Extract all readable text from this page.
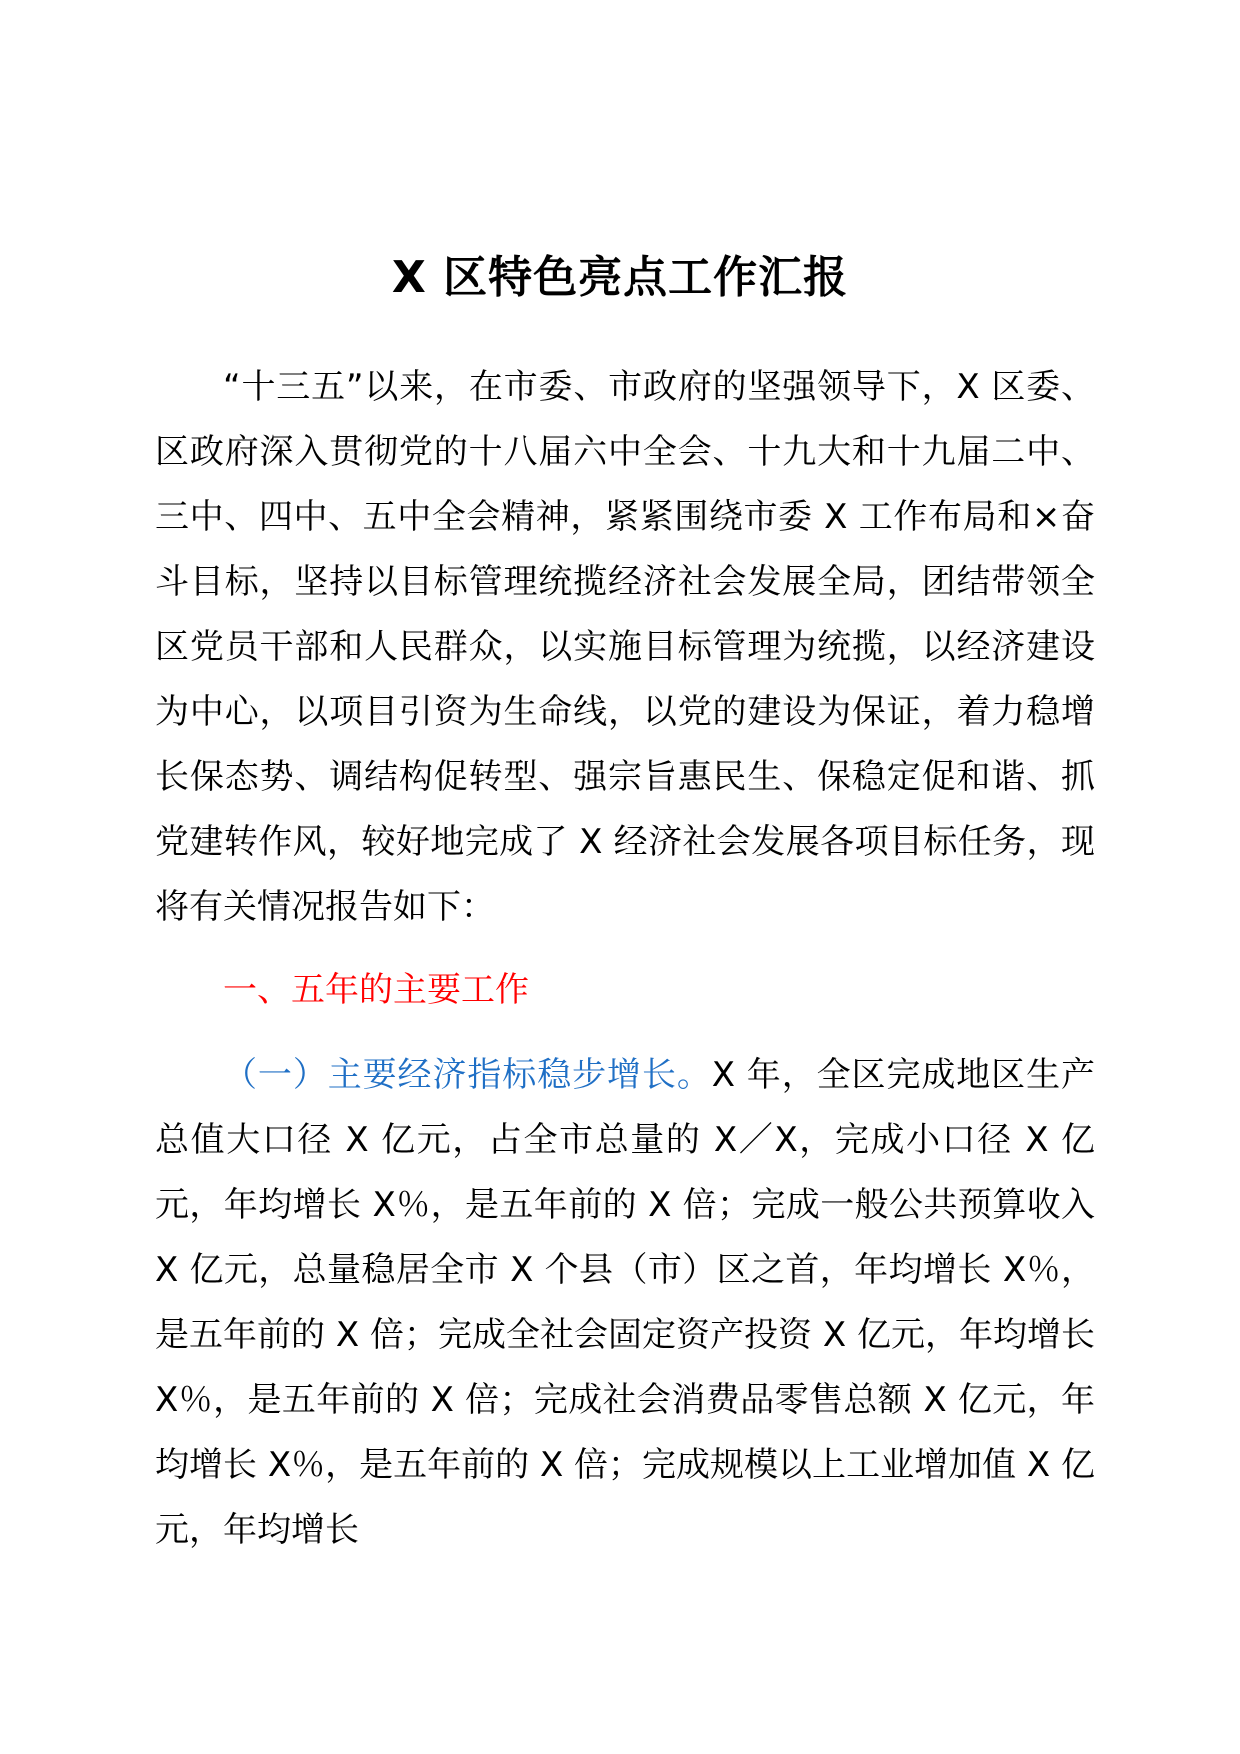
X 区特色亮点工作汇报
“十三五”以来，在市委、市政府的坚强领导下，X 区委、区政府深入贯彻党的十八届六中全会、十九大和十九届二中、三中、四中、五中全会精神，紧紧围绕市委 X 工作布局和×奋斗目标，坚持以目标管理统揽经济社会发展全局，团结带领全区党员干部和人民群众，以实施目标管理为统揽，以经济建设为中心，以项目引资为生命线，以党的建设为保证，着力稳增长保态势、调结构促转型、强宗旨惠民生、保稳定促和谐、抓党建转作风，较好地完成了 X 经济社会发展各项目标任务，现将有关情况报告如下：
一、五年的主要工作
（一）主要经济指标稳步增长。X 年，全区完成地区生产总值大口径 X 亿元，占全市总量的 X／X，完成小口径 X 亿元，年均增长 X％，是五年前的 X 倍；完成一般公共预算收入 X 亿元，总量稳居全市 X 个县（市）区之首，年均增长 X％，是五年前的 X 倍；完成全社会固定资产投资 X 亿元，年均增长 X％，是五年前的 X 倍；完成社会消费品零售总额 X 亿元，年均增长 X％，是五年前的 X 倍；完成规模以上工业增加值 X 亿元，年均增长
